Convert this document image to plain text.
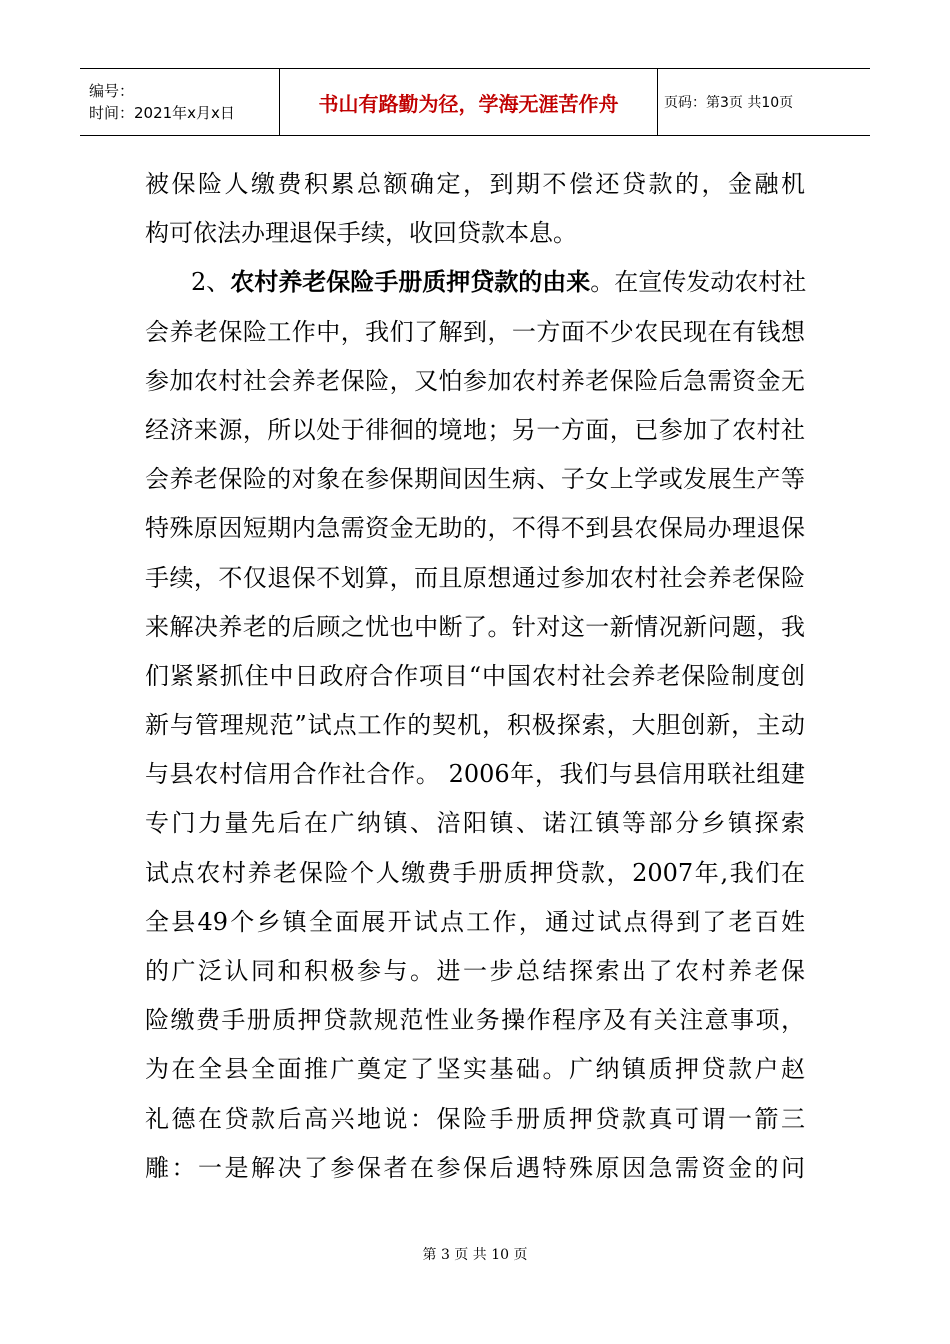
编号：
时间：2021年x月x日	书山有路勤为径，学海无涯苦作舟	页码：第3页 共10页
被保险人缴费积累总额确定，到期不偿还贷款的，金融机
构可依法办理退保手续，收回贷款本息。
2、农村养老保险手册质押贷款的由来。在宣传发动农村社
会养老保险工作中，我们了解到，一方面不少农民现在有钱想
参加农村社会养老保险，又怕参加农村养老保险后急需资金无
经济来源，所以处于徘徊的境地；另一方面，已参加了农村社
会养老保险的对象在参保期间因生病、子女上学或发展生产等
特殊原因短期内急需资金无助的，不得不到县农保局办理退保
手续，不仅退保不划算，而且原想通过参加农村社会养老保险
来解决养老的后顾之忧也中断了。针对这一新情况新问题，我
们紧紧抓住中日政府合作项目“中国农村社会养老保险制度创
新与管理规范”试点工作的契机，积极探索，大胆创新，主动
与县农村信用合作社合作。 2006年，我们与县信用联社组建
专门力量先后在广纳镇、涪阳镇、诺江镇等部分乡镇探索
试点农村养老保险个人缴费手册质押贷款，2007年,我们在
全县49个乡镇全面展开试点工作，通过试点得到了老百姓
的广泛认同和积极参与。进一步总结探索出了农村养老保
险缴费手册质押贷款规范性业务操作程序及有关注意事项，
为在全县全面推广奠定了坚实基础。广纳镇质押贷款户赵
礼德在贷款后高兴地说：保险手册质押贷款真可谓一箭三
雕：一是解决了参保者在参保后遇特殊原因急需资金的问
第 3 页 共 10 页
